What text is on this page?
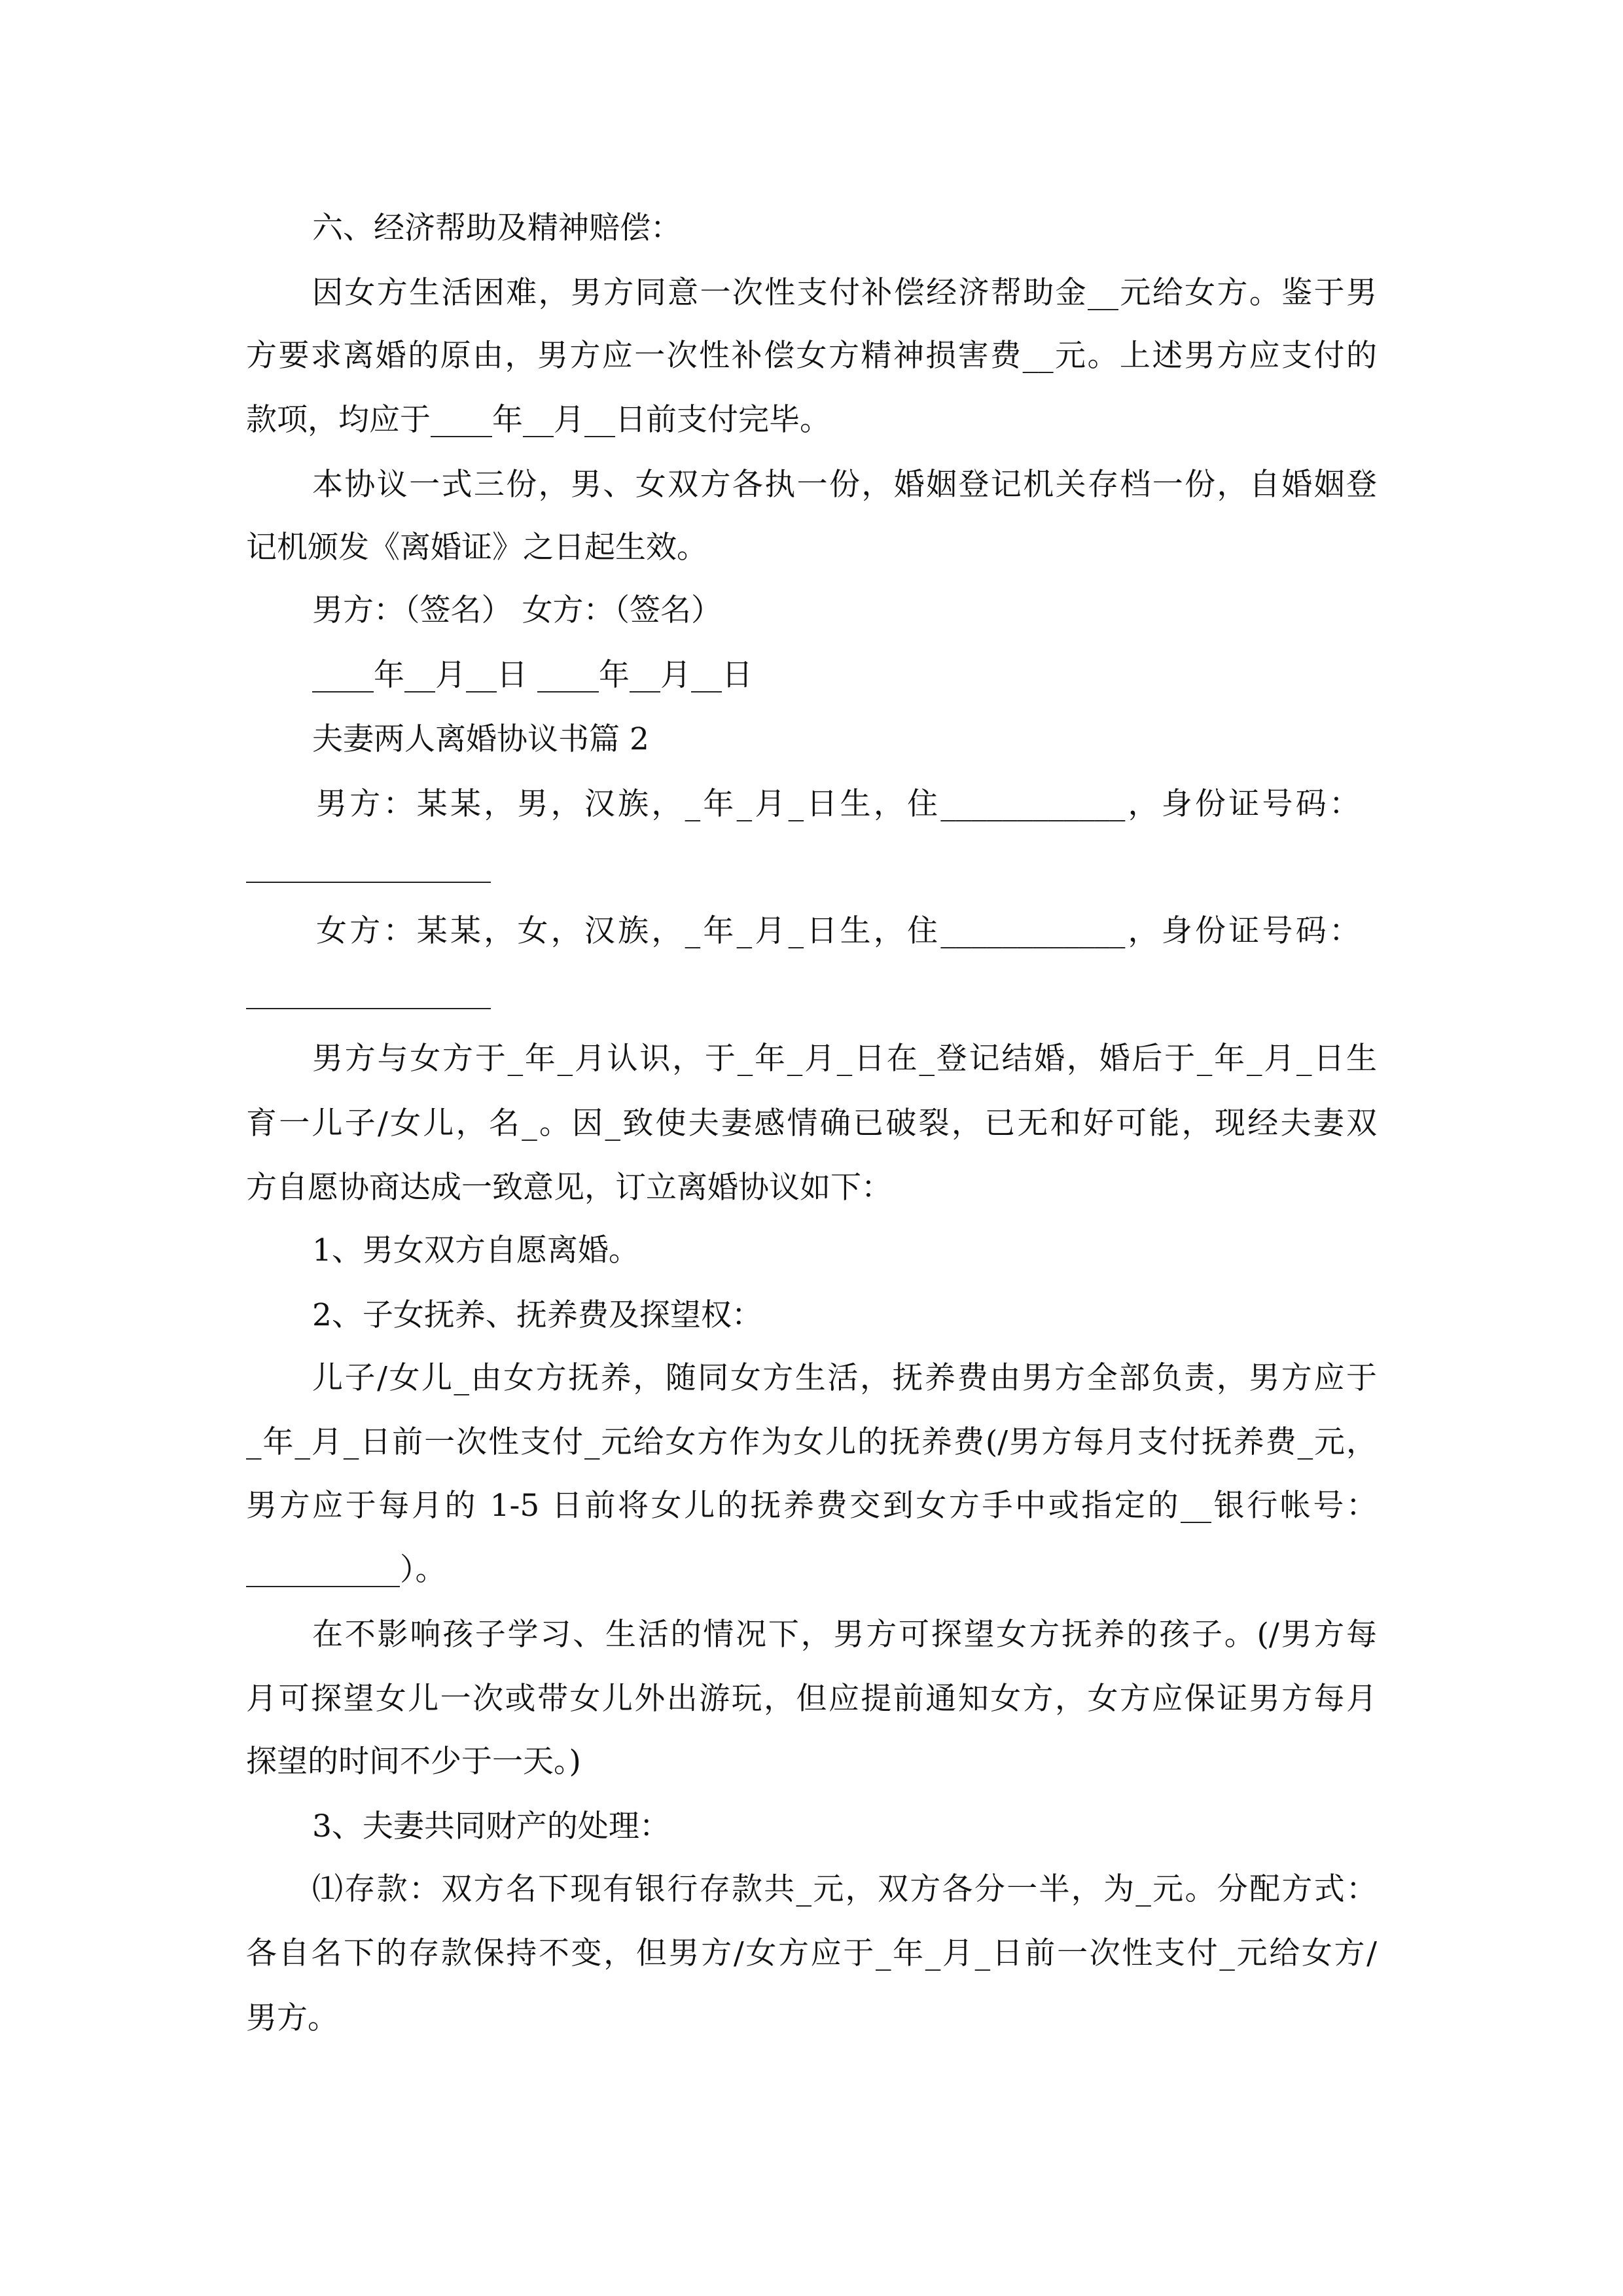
六、经济帮助及精神赔偿：
因女方生活困难，男方同意一次性支付补偿经济帮助金__元给女方。鉴于男
方要求离婚的原由，男方应一次性补偿女方精神损害费__元。上述男方应支付的
款项，均应于____年__月__日前支付完毕。
本协议一式三份，男、女双方各执一份，婚姻登记机关存档一份，自婚姻登
记机颁发《离婚证》之日起生效。
男方：（签名） 女方：（签名）
____年__月__日 ____年__月__日
夫妻两人离婚协议书篇 2
男方：某某，男，汉族，_年_月_日生，住____________，身份证号码：
女方：某某，女，汉族，_年_月_日生，住____________，身份证号码：
男方与女方于_年_月认识，于_年_月_日在_登记结婚，婚后于_年_月_日生
育一儿子/女儿，名_。因_致使夫妻感情确已破裂，已无和好可能，现经夫妻双
方自愿协商达成一致意见，订立离婚协议如下：
1、男女双方自愿离婚。
2、子女抚养、抚养费及探望权：
儿子/女儿_由女方抚养，随同女方生活，抚养费由男方全部负责，男方应于
_年_月_日前一次性支付_元给女方作为女儿的抚养费(/男方每月支付抚养费_元，
男方应于每月的 1-5 日前将女儿的抚养费交到女方手中或指定的__银行帐号：
__________）。
在不影响孩子学习、生活的情况下，男方可探望女方抚养的孩子。(/男方每
月可探望女儿一次或带女儿外出游玩，但应提前通知女方，女方应保证男方每月
探望的时间不少于一天。)
3、夫妻共同财产的处理：
⑴存款：双方名下现有银行存款共_元，双方各分一半，为_元。分配方式：
各自名下的存款保持不变，但男方/女方应于_年_月_日前一次性支付_元给女方/
男方。
